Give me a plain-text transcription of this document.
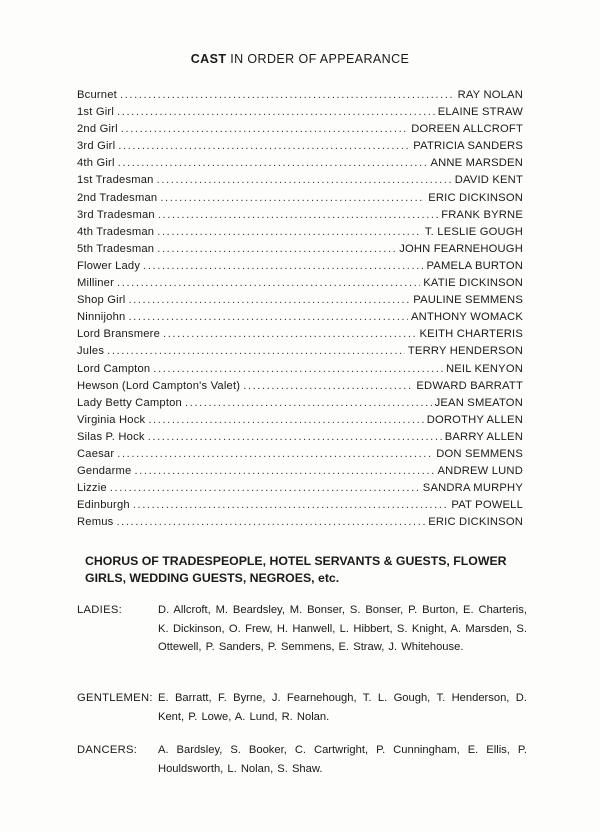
CAST IN ORDER OF APPEARANCE
Bcurnet .....	RAY NOLAN
1st Girl .....	ELAINE STRAW
2nd Girl .....	DOREEN ALLCROFT
3rd Girl .....	PATRICIA SANDERS
4th Girl .....	ANNE MARSDEN
1st Tradesman .....	DAVID KENT
2nd Tradesman .....	ERIC DICKINSON
3rd Tradesman .....	FRANK BYRNE
4th Tradesman .....	T. LESLIE GOUGH
5th Tradesman .....	JOHN FEARNEHOUGH
Flower Lady .....	PAMELA BURTON
Milliner .....	KATIE DICKINSON
Shop Girl .....	PAULINE SEMMENS
Ninnijohn .....	ANTHONY WOMACK
Lord Bransmere .....	KEITH CHARTERIS
Jules .....	TERRY HENDERSON
Lord Campton .....	NEIL KENYON
Hewson (Lord Campton's Valet) .....	EDWARD BARRATT
Lady Betty Campton .....	JEAN SMEATON
Virginia Hock .....	DOROTHY ALLEN
Silas P. Hock .....	BARRY ALLEN
Caesar .....	DON SEMMENS
Gendarme .....	ANDREW LUND
Lizzie .....	SANDRA MURPHY
Edinburgh .....	PAT POWELL
Remus .....	ERIC DICKINSON
CHORUS OF TRADESPEOPLE, HOTEL SERVANTS & GUESTS, FLOWER GIRLS, WEDDING GUESTS, NEGROES, etc.
LADIES:	D. Allcroft, M. Beardsley, M. Bonser, S. Bonser, P. Burton, E. Charteris, K. Dickinson, O. Frew, H. Hanwell, L. Hibbert, S. Knight, A. Marsden, S. Ottewell, P. Sanders, P. Semmens, E. Straw, J. Whitehouse.
GENTLEMEN: E. Barratt, F. Byrne, J. Fearnehough, T. L. Gough, T. Henderson, D. Kent, P. Lowe, A. Lund, R. Nolan.
DANCERS:	A. Bardsley, S. Booker, C. Cartwright, P. Cunningham, E. Ellis, P. Houldsworth, L. Nolan, S. Shaw.
